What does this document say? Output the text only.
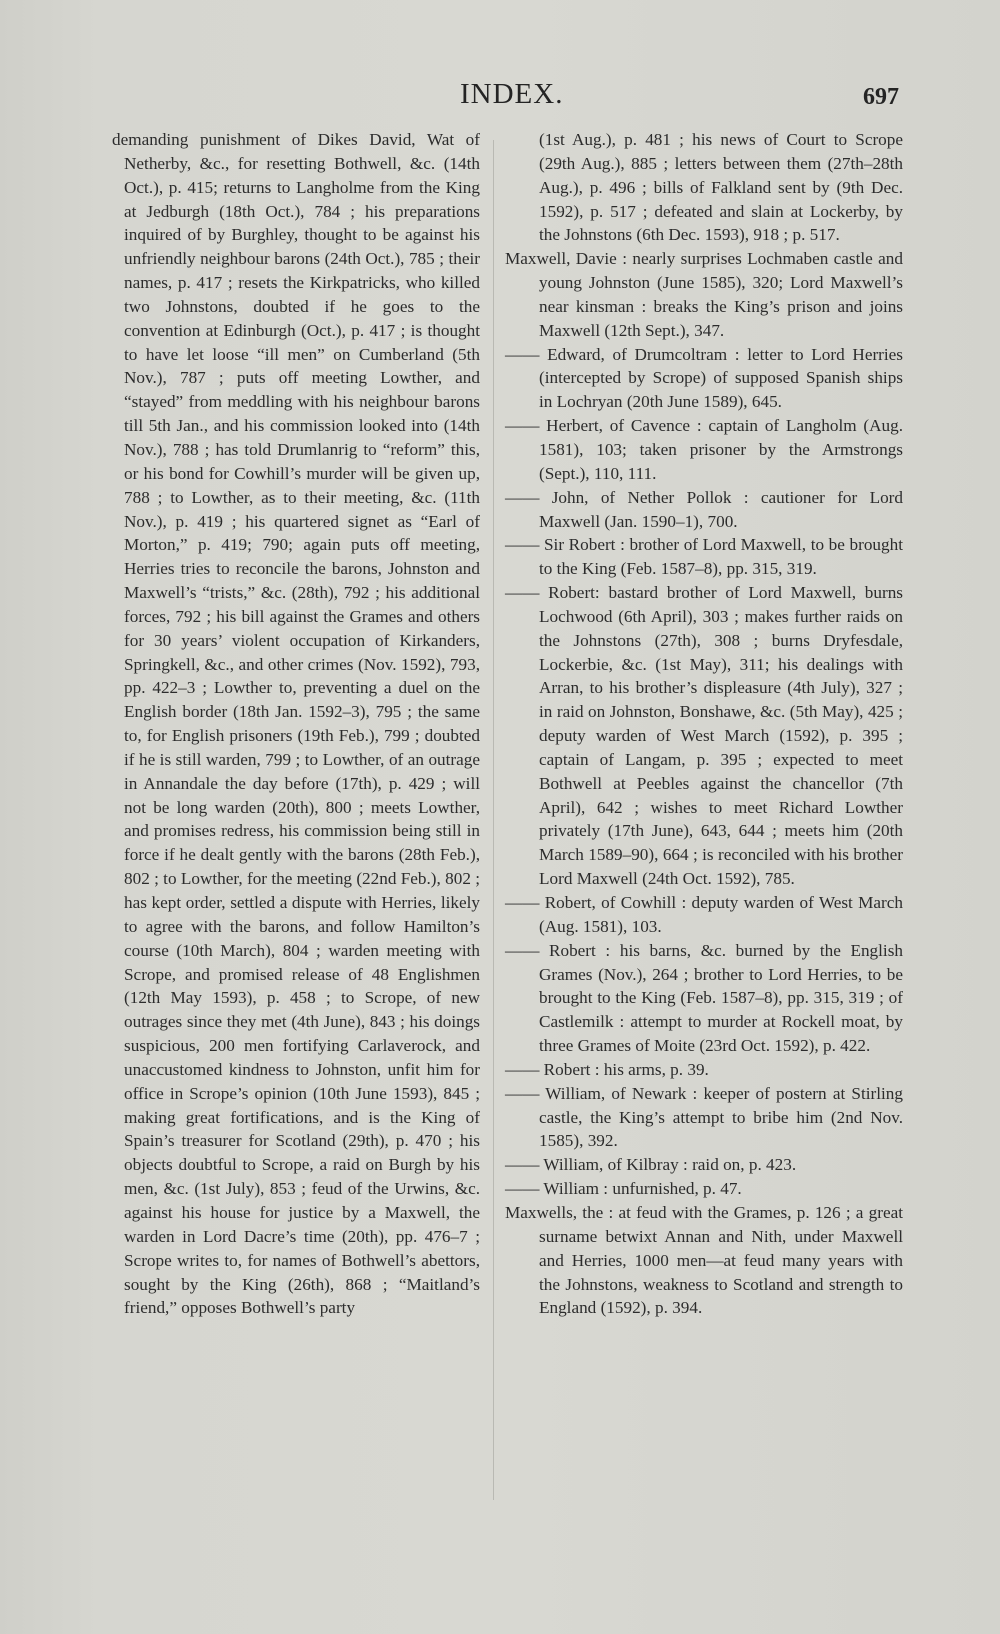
INDEX.	697

demanding punishment of Dikes David, Wat of Netherby, &c., for resetting Bothwell, &c. (14th Oct.), p. 415; returns to Langholme from the King at Jedburgh (18th Oct.), 784 ; his preparations inquired of by Burghley, thought to be against his unfriendly neighbour barons (24th Oct.), 785 ; their names, p. 417 ; resets the Kirkpatricks, who killed two Johnstons, doubted if he goes to the convention at Edinburgh (Oct.), p. 417 ; is thought to have let loose “ill men” on Cumberland (5th Nov.), 787 ; puts off meeting Lowther, and “stayed” from meddling with his neighbour barons till 5th Jan., and his commission looked into (14th Nov.), 788 ; has told Drumlanrig to “reform” this, or his bond for Cowhill’s murder will be given up, 788 ; to Lowther, as to their meeting, &c. (11th Nov.), p. 419 ; his quartered signet as “Earl of Morton,” p. 419; 790; again puts off meeting, Herries tries to reconcile the barons, Johnston and Maxwell’s “trists,” &c. (28th), 792 ; his additional forces, 792 ; his bill against the Grames and others for 30 years’ violent occupation of Kirkanders, Springkell, &c., and other crimes (Nov. 1592), 793, pp. 422–3 ; Lowther to, preventing a duel on the English border (18th Jan. 1592–3), 795 ; the same to, for English prisoners (19th Feb.), 799 ; doubted if he is still warden, 799 ; to Lowther, of an outrage in Annandale the day before (17th), p. 429 ; will not be long warden (20th), 800 ; meets Lowther, and promises redress, his commission being still in force if he dealt gently with the barons (28th Feb.), 802 ; to Lowther, for the meeting (22nd Feb.), 802 ; has kept order, settled a dispute with Herries, likely to agree with the barons, and follow Hamilton’s course (10th March), 804 ; warden meeting with Scrope, and promised release of 48 Englishmen (12th May 1593), p. 458 ; to Scrope, of new outrages since they met (4th June), 843 ; his doings suspicious, 200 men fortifying Carlaverock, and unaccustomed kindness to Johnston, unfit him for office in Scrope’s opinion (10th June 1593), 845 ; making great fortifications, and is the King of Spain’s treasurer for Scotland (29th), p. 470 ; his objects doubtful to Scrope, a raid on Burgh by his men, &c. (1st July), 853 ; feud of the Urwins, &c. against his house for justice by a Maxwell, the warden in Lord Dacre’s time (20th), pp. 476–7 ; Scrope writes to, for names of Bothwell’s abettors, sought by the King (26th), 868 ; “Maitland’s friend,” opposes Bothwell’s party

(1st Aug.), p. 481 ; his news of Court to Scrope (29th Aug.), 885 ; letters between them (27th–28th Aug.), p. 496 ; bills of Falkland sent by (9th Dec. 1592), p. 517 ; defeated and slain at Lockerby, by the Johnstons (6th Dec. 1593), 918 ; p. 517.

Maxwell, Davie : nearly surprises Lochmaben castle and young Johnston (June 1585), 320; Lord Maxwell’s near kinsman : breaks the King’s prison and joins Maxwell (12th Sept.), 347.

—— Edward, of Drumcoltram : letter to Lord Herries (intercepted by Scrope) of supposed Spanish ships in Lochryan (20th June 1589), 645.

—— Herbert, of Cavence : captain of Langholm (Aug. 1581), 103; taken prisoner by the Armstrongs (Sept.), 110, 111.

—— John, of Nether Pollok : cautioner for Lord Maxwell (Jan. 1590–1), 700.

—— Sir Robert : brother of Lord Maxwell, to be brought to the King (Feb. 1587–8), pp. 315, 319.

—— Robert: bastard brother of Lord Maxwell, burns Lochwood (6th April), 303 ; makes further raids on the Johnstons (27th), 308 ; burns Dryfesdale, Lockerbie, &c. (1st May), 311; his dealings with Arran, to his brother’s displeasure (4th July), 327 ; in raid on Johnston, Bonshawe, &c. (5th May), 425 ; deputy warden of West March (1592), p. 395 ; captain of Langam, p. 395 ; expected to meet Bothwell at Peebles against the chancellor (7th April), 642 ; wishes to meet Richard Lowther privately (17th June), 643, 644 ; meets him (20th March 1589–90), 664 ; is reconciled with his brother Lord Maxwell (24th Oct. 1592), 785.

—— Robert, of Cowhill : deputy warden of West March (Aug. 1581), 103.

—— Robert : his barns, &c. burned by the English Grames (Nov.), 264 ; brother to Lord Herries, to be brought to the King (Feb. 1587–8), pp. 315, 319 ; of Castlemilk : attempt to murder at Rockell moat, by three Grames of Moite (23rd Oct. 1592), p. 422.

—— Robert : his arms, p. 39.

—— William, of Newark : keeper of postern at Stirling castle, the King’s attempt to bribe him (2nd Nov. 1585), 392.

—— William, of Kilbray : raid on, p. 423.

—— William : unfurnished, p. 47.

Maxwells, the : at feud with the Grames, p. 126 ; a great surname betwixt Annan and Nith, under Maxwell and Herries, 1000 men—at feud many years with the Johnstons, weakness to Scotland and strength to England (1592), p. 394.
